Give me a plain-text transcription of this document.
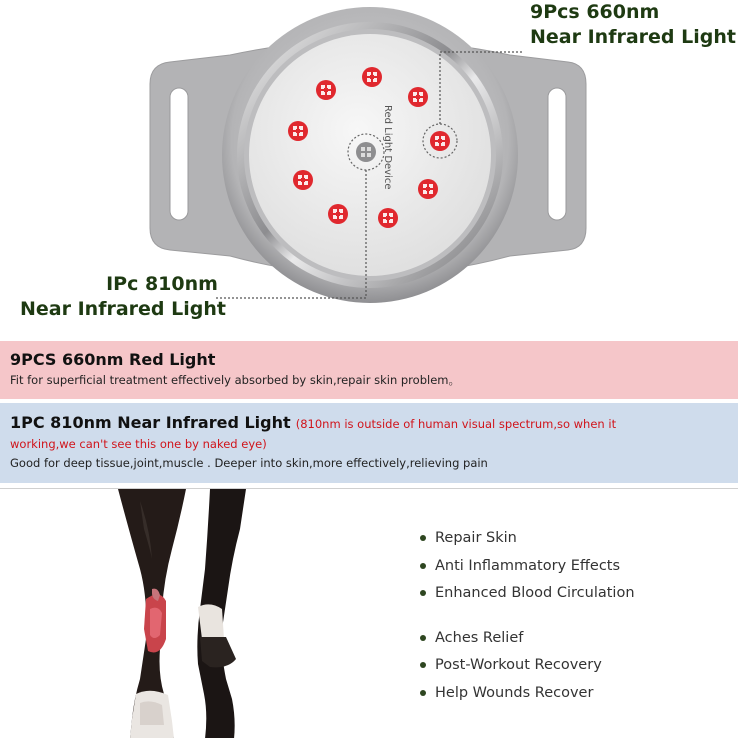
Red Light Device
9Pcs 660nm
Near Infrared Light
IPc 810nm
Near Infrared Light
9PCS 660nm Red Light
Fit for superficial treatment effectively absorbed by skin,repair skin problem。
1PC 810nm Near Infrared Light (810nm is outside of human visual spectrum,so when it
working,we can't see this one by naked eye)
Good for deep tissue,joint,muscle . Deeper into skin,more effectively,relieving pain
Repair Skin
Anti Inflammatory Effects
Enhanced Blood Circulation
Aches Relief
Post-Workout Recovery
Help Wounds Recover
